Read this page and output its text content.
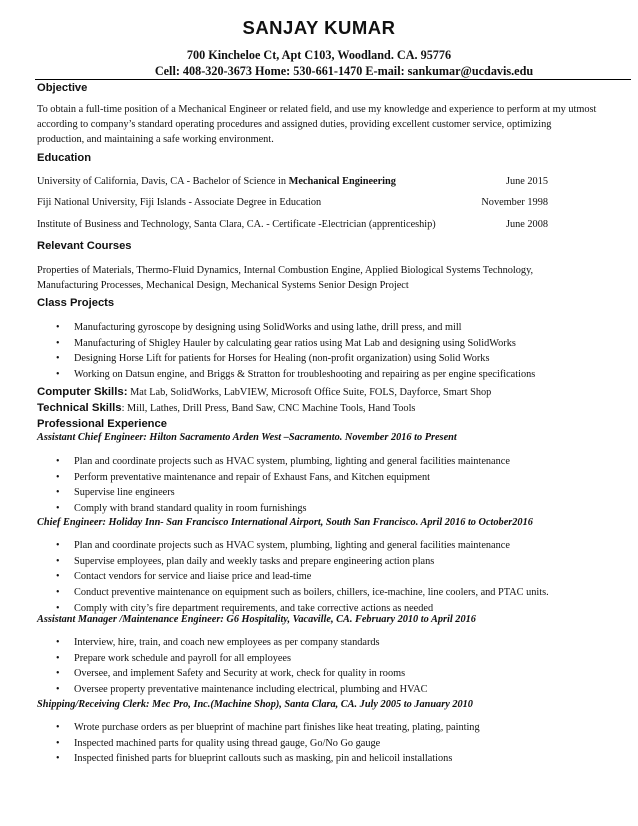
SANJAY KUMAR
700 Kincheloe Ct, Apt C103, Woodland. CA. 95776
Cell: 408-320-3673 Home: 530-661-1470 E-mail: sankumar@ucdavis.edu
Objective
To obtain a full-time position of a Mechanical Engineer or related field, and use my knowledge and experience to perform at my utmost according to company’s standard operating procedures and assigned duties, providing excellent customer service, optimizing production, and maintaining a safe working environment.
Education
University of California, Davis, CA - Bachelor of Science in Mechanical Engineering	June 2015
Fiji National University, Fiji Islands - Associate Degree in Education	November 1998
Institute of Business and Technology, Santa Clara, CA. - Certificate -Electrician (apprenticeship)	June 2008
Relevant Courses
Properties of Materials, Thermo-Fluid Dynamics, Internal Combustion Engine, Applied Biological Systems Technology, Manufacturing Processes, Mechanical Design, Mechanical Systems Senior Design Project
Class Projects
• Manufacturing gyroscope by designing using SolidWorks and using lathe, drill press, and mill
• Manufacturing of Shigley Hauler by calculating gear ratios using Mat Lab and designing using SolidWorks
• Designing Horse Lift for patients for Horses for Healing (non-profit organization) using Solid Works
• Working on Datsun engine, and Briggs & Stratton for troubleshooting and repairing as per engine specifications
Computer Skills: Mat Lab, SolidWorks, LabVIEW, Microsoft Office Suite, FOLS, Dayforce, Smart Shop
Technical Skills: Mill, Lathes, Drill Press, Band Saw, CNC Machine Tools, Hand Tools
Professional Experience
Assistant Chief Engineer: Hilton Sacramento Arden West –Sacramento. November 2016 to Present
• Plan and coordinate projects such as HVAC system, plumbing, lighting and general facilities maintenance
• Perform preventative maintenance and repair of Exhaust Fans, and Kitchen equipment
• Supervise line engineers
• Comply with brand standard quality in room furnishings
Chief Engineer: Holiday Inn- San Francisco International Airport, South San Francisco. April 2016 to October2016
• Plan and coordinate projects such as HVAC system, plumbing, lighting and general facilities maintenance
• Supervise employees, plan daily and weekly tasks and prepare engineering action plans
• Contact vendors for service and liaise price and lead-time
• Conduct preventive maintenance on equipment such as boilers, chillers, ice-machine, line coolers, and PTAC units.
• Comply with city’s fire department requirements, and take corrective actions as needed
Assistant Manager /Maintenance Engineer: G6 Hospitality, Vacaville, CA. February 2010 to April 2016
• Interview, hire, train, and coach new employees as per company standards
• Prepare work schedule and payroll for all employees
• Oversee, and implement Safety and Security at work, check for quality in rooms
• Oversee property preventative maintenance including electrical, plumbing and HVAC
Shipping/Receiving Clerk: Mec Pro, Inc.(Machine Shop), Santa Clara, CA. July 2005 to January 2010
• Wrote purchase orders as per blueprint of machine part finishes like heat treating, plating, painting
• Inspected machined parts for quality using thread gauge, Go/No Go gauge
• Inspected finished parts for blueprint callouts such as masking, pin and helicoil installations
